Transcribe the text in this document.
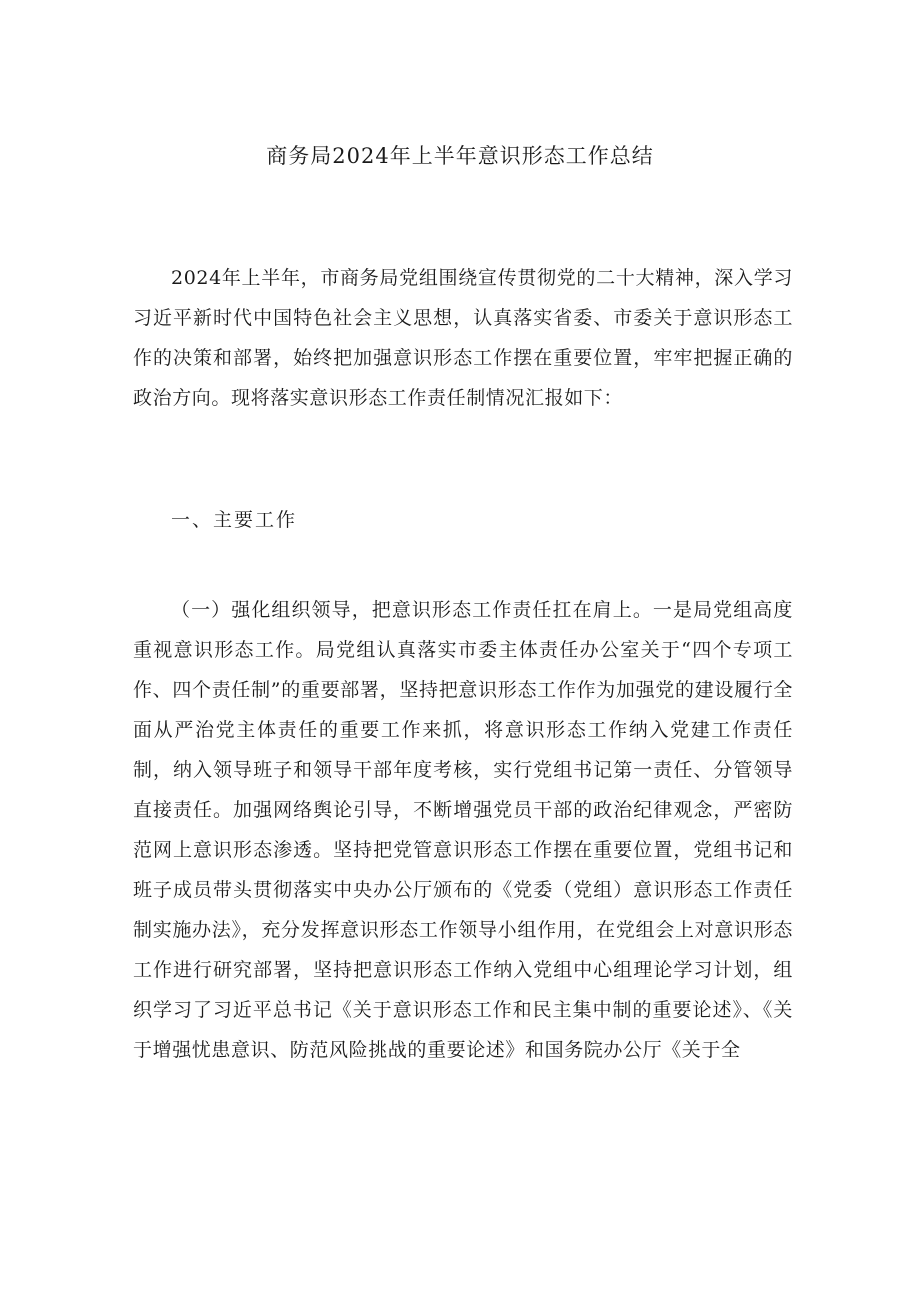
商务局2024年上半年意识形态工作总结

2024年上半年，市商务局党组围绕宣传贯彻党的二十大精神，深入学习习近平新时代中国特色社会主义思想，认真落实省委、市委关于意识形态工作的决策和部署，始终把加强意识形态工作摆在重要位置，牢牢把握正确的政治方向。现将落实意识形态工作责任制情况汇报如下：

一、主要工作

（一）强化组织领导，把意识形态工作责任扛在肩上。一是局党组高度重视意识形态工作。局党组认真落实市委主体责任办公室关于“四个专项工作、四个责任制”的重要部署，坚持把意识形态工作作为加强党的建设履行全面从严治党主体责任的重要工作来抓，将意识形态工作纳入党建工作责任制，纳入领导班子和领导干部年度考核，实行党组书记第一责任、分管领导直接责任。加强网络舆论引导，不断增强党员干部的政治纪律观念，严密防范网上意识形态渗透。坚持把党管意识形态工作摆在重要位置，党组书记和班子成员带头贯彻落实中央办公厅颁布的《党委（党组）意识形态工作责任制实施办法》，充分发挥意识形态工作领导小组作用，在党组会上对意识形态工作进行研究部署，坚持把意识形态工作纳入党组中心组理论学习计划，组织学习了习近平总书记《关于意识形态工作和民主集中制的重要论述》、《关于增强忧患意识、防范风险挑战的重要论述》和国务院办公厅《关于全
